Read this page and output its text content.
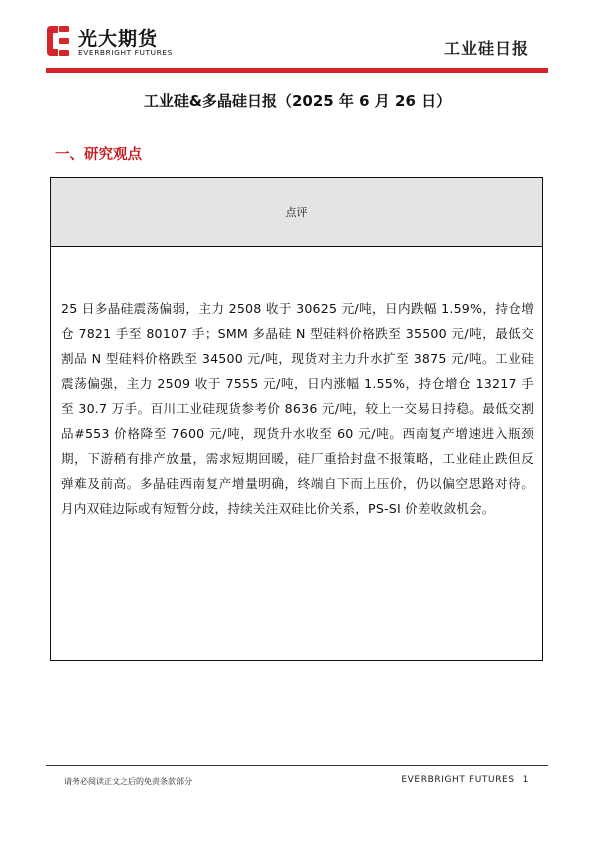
光大期货
EVERBRIGHT FUTURES	工业硅日报
工业硅&多晶硅日报（2025 年 6 月 26 日）
一、研究观点
点评

25 日多晶硅震荡偏弱，主力 2508 收于 30625 元/吨，日内跌幅 1.59%，持仓增仓 7821 手至 80107 手；SMM 多晶硅 N 型硅料价格跌至 35500 元/吨，最低交割品 N 型硅料价格跌至 34500 元/吨，现货对主力升水扩至 3875 元/吨。工业硅震荡偏强，主力 2509 收于 7555 元/吨，日内涨幅 1.55%，持仓增仓 13217 手至 30.7 万手。百川工业硅现货参考价 8636 元/吨，较上一交易日持稳。最低交割品#553 价格降至 7600 元/吨，现货升水收至 60 元/吨。西南复产增速进入瓶颈期，下游稍有排产放量，需求短期回暖，硅厂重拾封盘不报策略，工业硅止跌但反弹难及前高。多晶硅西南复产增量明确，终端自下而上压价，仍以偏空思路对待。月内双硅边际或有短暂分歧，持续关注双硅比价关系，PS-SI 价差收敛机会。

请务必阅读正文之后的免责条款部分	EVERBRIGHT FUTURES 1
